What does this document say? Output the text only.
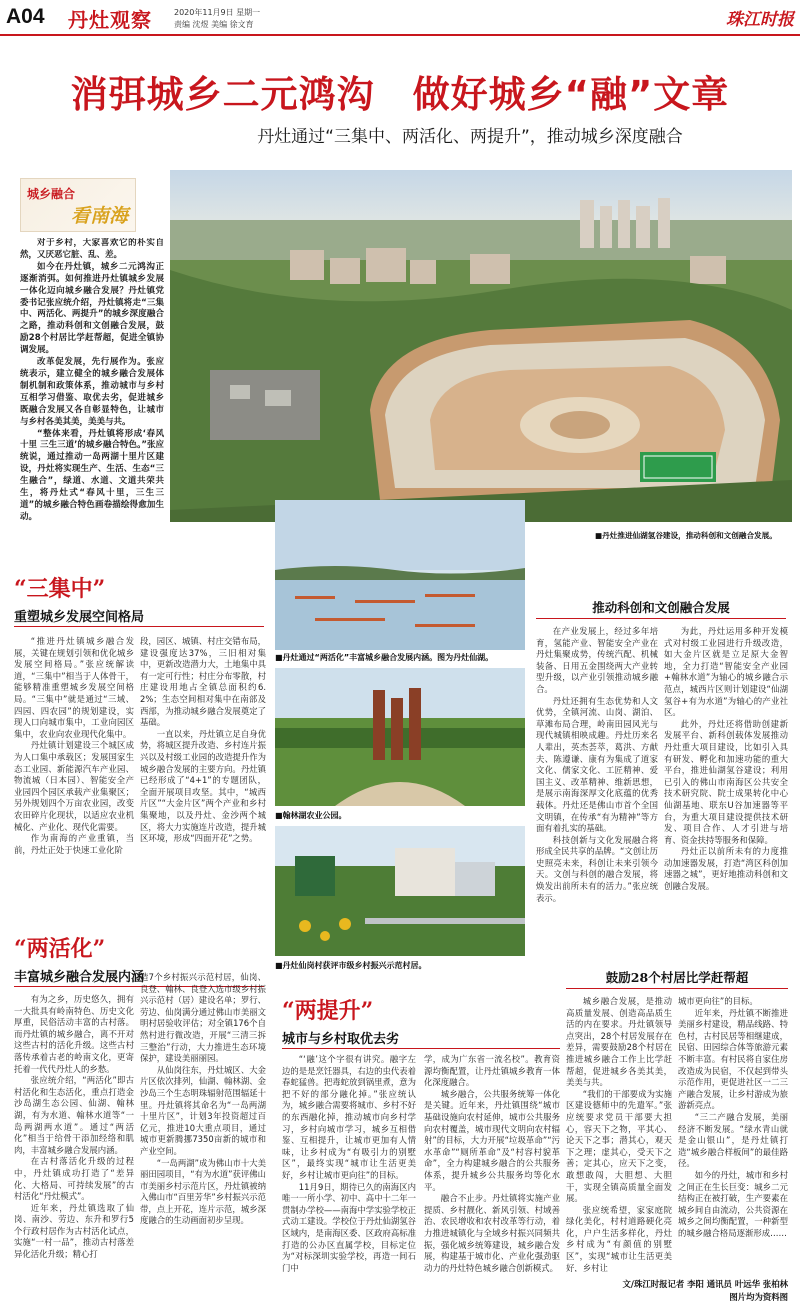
A04 丹灶观察	2020年11月9日 星期一
责编 沈煜 美编 徐文育	珠江时报
消弭城乡二元鸿沟　做好城乡“融”文章
丹灶通过“三集中、两活化、两提升”，推动城乡深度融合
城乡融合
看南海

对于乡村，大家喜欢它的朴实自然，又厌恶它脏、乱、差。

如今在丹灶镇，城乡二元鸿沟正逐渐消弭。如何推进丹灶镇城乡发展一体化迈向城乡融合发展？丹灶镇党委书记张应统介绍，丹灶镇将走“三集中、两活化、两提升”的城乡深度融合之路，推动科创和文创融合发展，鼓励28个村居比学赶帮超，促进全镇协调发展。

改革促发展，先行展作为。张应统表示，建立健全的城乡融合发展体制机制和政策体系，推动城市与乡村互相学习借鉴、取优去劣，促进城乡既融合发展又各自彰显特色，让城市与乡村各美其美，美美与共。

“整体来看，丹灶镇将形成‘春风十里 三生三道’的城乡融合特色。”张应统说，通过推动一岛两湖十里片区建设，丹灶将实现生产、生活、生态“三生融合”，绿道、水道、文道共荣共生，将丹灶式“春风十里，三生三道”的城乡融合特色画卷描绘得愈加生动。

■丹灶推进仙湖氢谷建设，推动科创和文创融合发展。
■丹灶通过“两活化”丰富城乡融合发展内涵。图为丹灶仙湖。
■翰林湖农业公园。
■丹灶仙岗村获评市级乡村振兴示范村居。
“三集中”
重塑城乡发展空间格局

“推进丹灶镇城乡融合发展，关键在规划引领和优化城乡发展空间格局。”张应统解读道，“三集中”相当于人体骨干，能够精准重塑城乡发展空间格局。“三集中”就是通过“三域、四园、四农园”的规划建设，实现人口向城市集中，工业向园区集中，农业向农业现代化集中。

丹灶镇计划建设三个城区成为人口集中承载区；发展国家生态工业园、新能源汽车产业园、物流城（日本园）、智能安全产业园四个园区承载产业集聚区；另外规划四个万亩农业园，改变农田碎片化现状，以适应农业机械化、产业化、现代化需要。

作为南海的产业重镇，当前，丹灶正处于快速工业化阶

段，园区、城镇、村庄交错布局，建设强度达37%，三旧相对集中，更新改造潜力大，土地集中具有一定可行性；村庄分布零散，村庄建设用地占全镇总面积约6.2%；生态空间相对集中在南部及西部，为推动城乡融合发展奠定了基础。

一直以来，丹灶镇立足自身优势，将城区提升改造、乡村连片振兴以及村级工业园的改造提升作为城乡融合发展的主要方向。丹灶镇已经形成了“4+1”的专题团队，全面开展项目攻坚。其中，“城西片区”“大金片区”两个产业和乡村集聚地，以及丹灶、金沙两个城区，将大力实施连片改造，提升城区环境，形成“四面开花”之势。

“两活化”
丰富城乡融合发展内涵

有为之乡，历史悠久，拥有一大批具有岭南特色、历史文化厚重，民俗活动丰富的古村落。而丹灶镇的城乡融合，离不开对这些古村的活化升级。这些古村落传承着古老的岭南文化，更寄托着一代代丹灶人的乡愁。

张应统介绍，“两活化”即古村活化和生态活化，重点打造金沙岛湖生态公园、仙湖、翰林湖，有为水道、翰林水道等“一岛两湖两水道”。通过“两活化”相当于给骨干添加经络和肌肉，丰富城乡融合发展内涵。

在古村落活化升级的过程中，丹灶镇成功打造了“差异化、大格局、可持续发展”的古村活化“丹灶模式”。

近年来，丹灶镇选取了仙岗、南沙、劳边、东升和罗行5个行政村居作为古村活化试点，实施“一村一品”，推动古村落差异化活化升级；精心打

造7个乡村振兴示范村居，仙岗、良登、翰林、良登入选市级乡村振兴示范村（居）建设名单；罗行、劳边、仙岗满分通过佛山市美丽文明村居验收评估；对全镇176个自然村进行微改造，开展“三清三拆三整治”行动，大力推进生态环境保护，建设美丽丽园。

从仙岗往东，丹灶城区、大金片区依次排列，仙湖、翰林湖、金沙岛三个生态明珠辐射范围辐延十里。丹灶镇将其命名为“一岛两湖十里片区”，计划3年投资超过百亿元，推进10大重点项目，通过城市更新腾挪7350亩新的城市和产业空间。

“一岛两湖”成为佛山市十大美丽田园项目，“有为水道”获评佛山市美丽乡村示范片区，丹灶镇被纳入佛山市“百里芳华”乡村振兴示范带，点上开花，连片示范，城乡深度融合的生动画面初步呈现。

“两提升”
城市与乡村取优去劣

“‘融’这个字很有讲究。融字左边的是是烹饪器具，右边的虫代表着春蛇猛兽。把毒蛇放到锅里煮，意为把不好的部分融化掉。”张应统认为，城乡融合需要将城市、乡村不好的东西融化掉，推动城市向乡村学习，乡村向城市学习，城乡互相借鉴、互相提升，让城市更加有人情味，让乡村成为“有吸引力的别墅区”，最终实现“城市让生活更美好，乡村让城市更向往”的目标。

11月9日，期待已久的南海区内唯一一所小学、初中、高中十二年一贯制办学校——南海中学实验学校正式动工建设。学校位于丹灶仙湖氢谷区域内，是南海区委、区政府高标准打造的公办区直属学校，目标定位为“对标深圳实验学校，再造一间石门中

学，成为广东省一流名校”。教育资源均衡配置，让丹灶镇城乡教育一体化深度融合。

城乡融合，公共服务统筹一体化是关键。近年来，丹灶镇围绕“城市基础设施向农村延伸，城市公共服务向农村覆盖，城市现代文明向农村辐射”的目标，大力开展“垃圾革命”“污水革命”“厕所革命”及“村容村貌革命”，全力构建城乡融合的公共服务体系，提升城乡公共服务均等化水平。

融合不止步。丹灶镇将实施产业提质、乡村靓化、新风引领、村域善治、农民增收和农村改革等行动，着力推进城镇化与全域乡村振兴同频共振，强化城乡统筹建设，城乡融合发展，构建基于城市化、产业化强劲驱动力的丹灶特色城乡融合创新模式。

推动科创和文创融合发展

在产业发展上，经过多年培育，氢能产业、智能安全产业在丹灶集聚成势，传统汽配、机械装备、日用五金围绕两大产业转型升级，以产业引领推动城乡融合。

丹灶还拥有生态优势和人文优势，全镇河流、山岗、湖泊、草滩布局合理，岭南田园风光与现代城镇相映成趣。丹灶历来名人辈出，英杰荟萃，葛洪、方献夫、陈遵谦、康有为集成了道家文化、儒家文化、工匠精神、爱国主义、改革精神、维新思想，是展示南海深厚文化底蕴的优秀载体。丹灶还是佛山市首个全国文明镇，在传承“有为精神”等方面有着扎实的基础。

科技创新与文化发展融合将形成全民共享的品牌。“文创让历史照亮未来，科创让未来引领今天。文创与科创的融合发展，将焕发出前所未有的活力。”张应统表示。

为此，丹灶运用多种开发模式对村级工业园进行升级改造，如大金片区就是立足原大金智地，全力打造“智能安全产业园+翰林水道”为轴心的城乡融合示范点，城西片区则计划建设“仙湖氢谷+有为水道”为轴心的产业社区。

此外，丹灶还将借助创建新发展平台、新科创载体发展推动丹灶重大项目建设，比如引入具有研发、孵化和加速功能的重大平台，推进仙湖氢谷建设；利用已引入的佛山市南海区公共安全技术研究院、院士成果转化中心仙湖基地、联东U谷加速器等平台，为重大项目建设提供技术研发、项目合作、人才引进与培育、资金扶持等服务和保障。

丹灶正以前所未有的力度推动加速器发展，打造“湾区科创加速器之城”，更好地推动科创和文创融合发展。

鼓励28个村居比学赶帮超

城乡融合发展，是推动高质量发展、创造高品质生活的内在要求。丹灶镇领导点突出，28个村居发展存在差异，需要鼓励28个村居在推进城乡融合工作上比学赶帮超，促进城乡各美其美，美美与共。

“我们的干部要成为实施区建设德师中的先遣军。”张应统要求党员干部要大担心，容天下之物，平其心、论天下之事；潜其心，观天下之理；虚其心，受天下之善；定其心，应天下之变，敢想敢闯，大胆想、大胆干，实现全镇高质量全面发展。

张应统希望，家家庭院绿化美化，村村道路硬化亮化，户户生活多样化，丹灶乡村成为“有颜值的别墅区”，实现“城市让生活更美好，乡村让

城市更向往”的目标。

近年来，丹灶镇不断推进美丽乡村建设，精品线路、特色村，古村民居等相继建成，民宿、田园综合体等旅游元素不断丰富。有村民将自家住房改造成为民宿，不仅起到带头示范作用，更促进社区一二三产融合发展，让乡村游成为旅游新亮点。

“三二产融合发展，美丽经济不断发展。“绿水青山就是金山银山”，是丹灶镇打造“城乡融合样板间”的最佳路径。

如今的丹灶，城市和乡村之间正在生长巨变：城乡二元结构正在被打破，生产要素在城乡间自由流动，公共资源在城乡之间均衡配置，一种新型的城乡融合格局逐渐形成……

文/珠江时报记者 李阳 通讯员 叶远华 张柏林
图片均为资料图
